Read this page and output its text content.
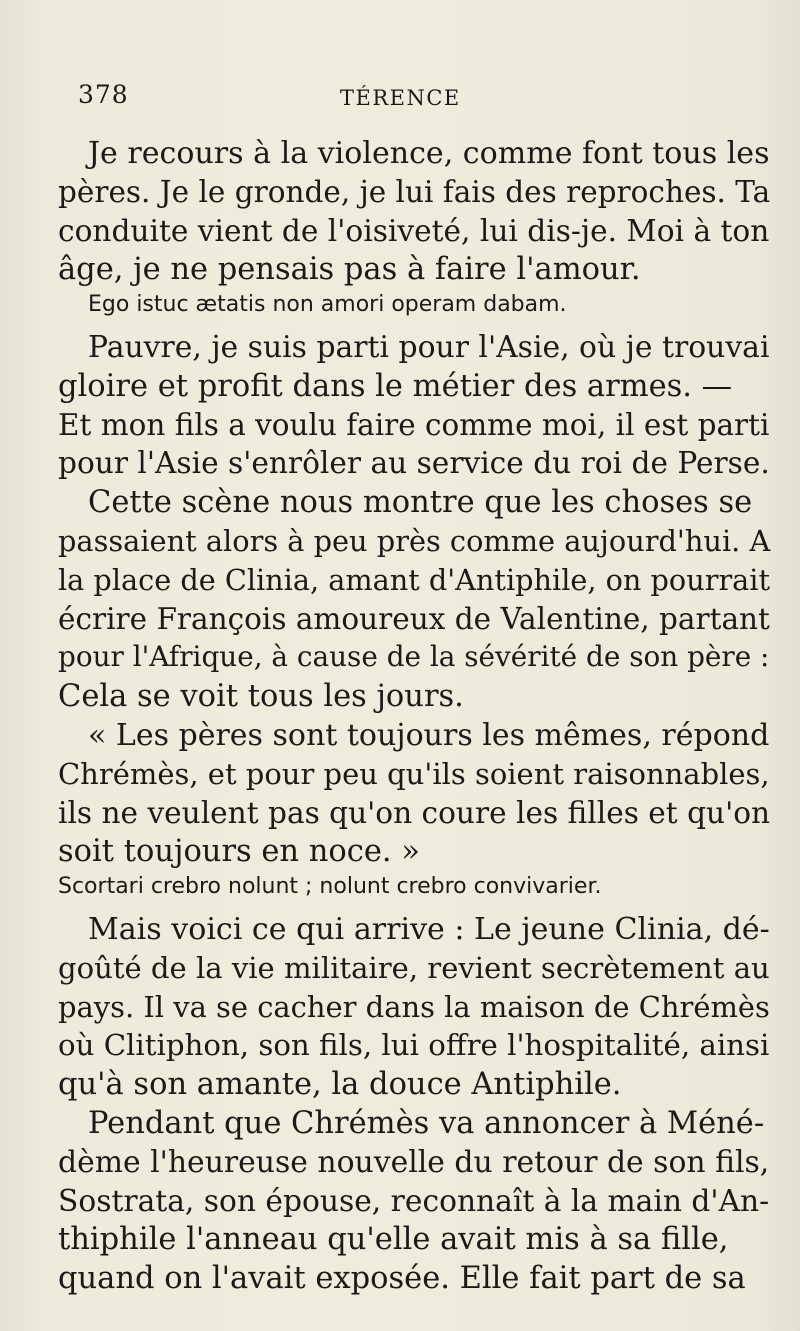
378	TÉRENCE
Je recours à la violence, comme font tous les
pères. Je le gronde, je lui fais des reproches. Ta
conduite vient de l'oisiveté, lui dis-je. Moi à ton
âge, je ne pensais pas à faire l'amour.
Ego istuc ætatis non amori operam dabam.
Pauvre, je suis parti pour l'Asie, où je trouvai
gloire et profit dans le métier des armes. —
Et mon fils a voulu faire comme moi, il est parti
pour l'Asie s'enrôler au service du roi de Perse.
Cette scène nous montre que les choses se
passaient alors à peu près comme aujourd'hui. A
la place de Clinia, amant d'Antiphile, on pourrait
écrire François amoureux de Valentine, partant
pour l'Afrique, à cause de la sévérité de son père :
Cela se voit tous les jours.
« Les pères sont toujours les mêmes, répond
Chrémès, et pour peu qu'ils soient raisonnables,
ils ne veulent pas qu'on coure les filles et qu'on
soit toujours en noce. »
Scortari crebro nolunt ; nolunt crebro convivarier.
Mais voici ce qui arrive : Le jeune Clinia, dé-
goûté de la vie militaire, revient secrètement au
pays. Il va se cacher dans la maison de Chrémès
où Clitiphon, son fils, lui offre l'hospitalité, ainsi
qu'à son amante, la douce Antiphile.
Pendant que Chrémès va annoncer à Méné-
dème l'heureuse nouvelle du retour de son fils,
Sostrata, son épouse, reconnaît à la main d'An-
thiphile l'anneau qu'elle avait mis à sa fille,
quand on l'avait exposée. Elle fait part de sa
